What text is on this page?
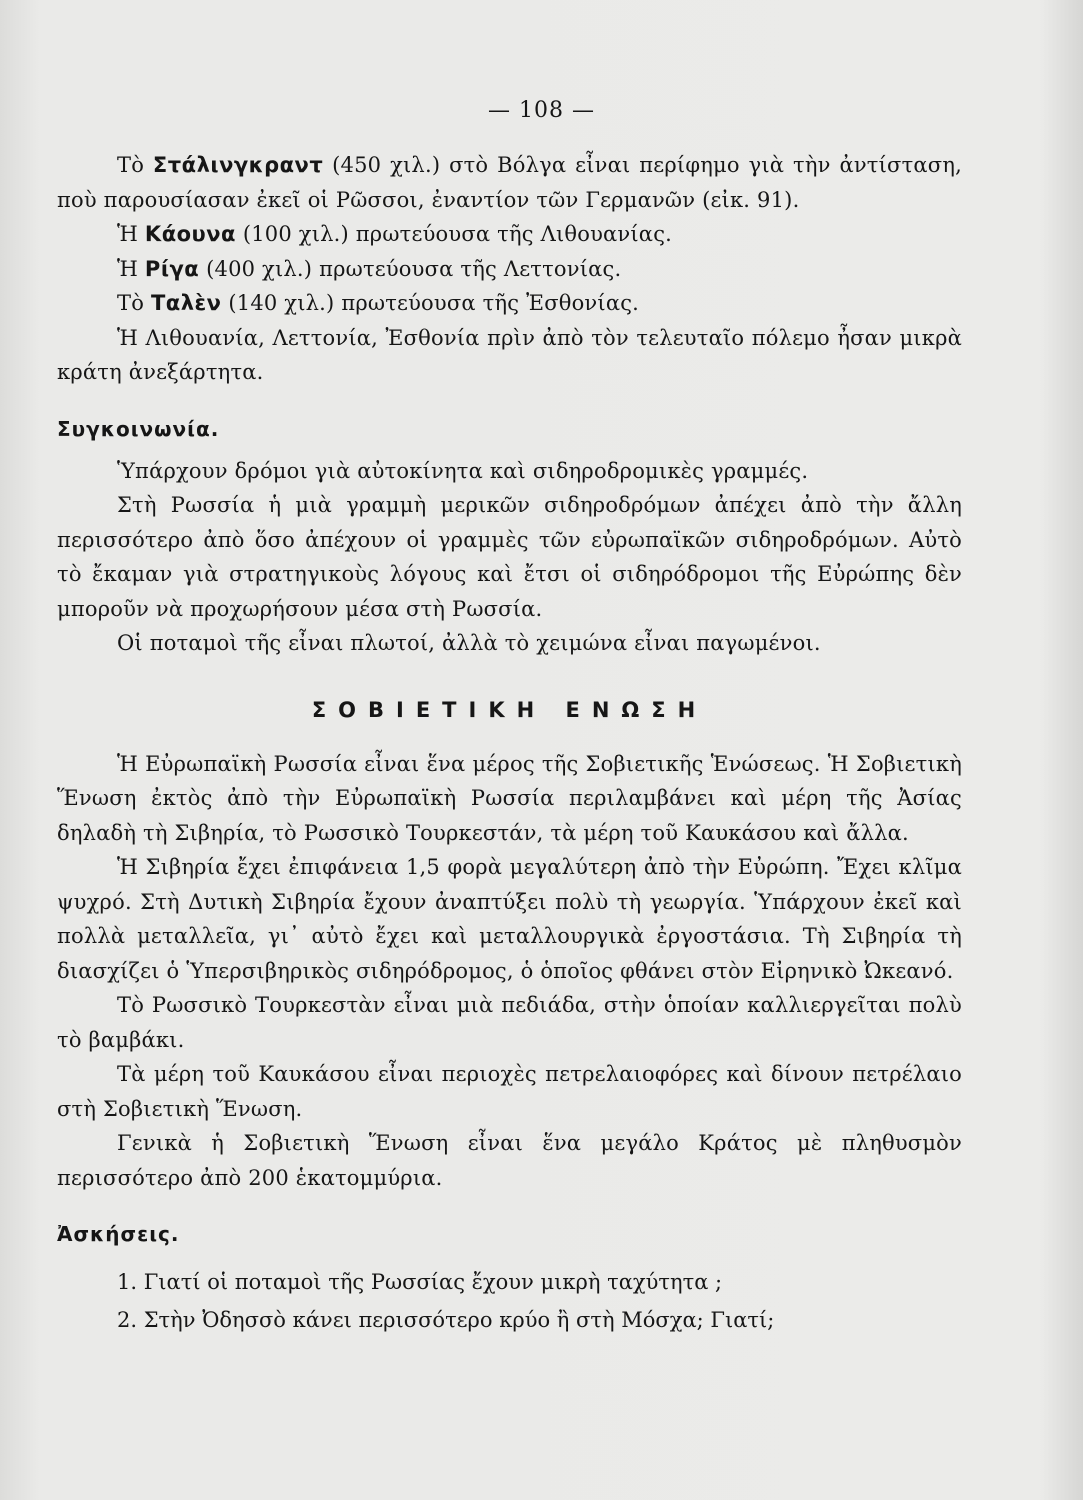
— 108 —

Τὸ Στάλινγκραντ (450 χιλ.) στὸ Βόλγα εἶναι περίφημο γιὰ τὴν ἀντίσταση, ποὺ παρουσίασαν ἐκεῖ οἱ Ρῶσσοι, ἐναντίον τῶν Γερμανῶν (εἰκ. 91).

Ἡ Κάουνα (100 χιλ.) πρωτεύουσα τῆς Λιθουανίας.

Ἡ Ρίγα (400 χιλ.) πρωτεύουσα τῆς Λεττονίας.

Τὸ Ταλὲν (140 χιλ.) πρωτεύουσα τῆς Ἐσθονίας.

Ἡ Λιθουανία, Λεττονία, Ἐσθονία πρὶν ἀπὸ τὸν τελευταῖο πόλεμο ἦσαν μικρὰ κράτη ἀνεξάρτητα.

Συγκοινωνία.

Ὑπάρχουν δρόμοι γιὰ αὐτοκίνητα καὶ σιδηροδρομικὲς γραμμές.

Στὴ Ρωσσία ἡ μιὰ γραμμὴ μερικῶν σιδηροδρόμων ἀπέχει ἀπὸ τὴν ἄλλη περισσότερο ἀπὸ ὅσο ἀπέχουν οἱ γραμμὲς τῶν εὐρωπαϊκῶν σιδηροδρόμων. Αὐτὸ τὸ ἔκαμαν γιὰ στρατηγικοὺς λόγους καὶ ἔτσι οἱ σιδηρόδρομοι τῆς Εὐρώπης δὲν μποροῦν νὰ προχωρήσουν μέσα στὴ Ρωσσία.

Οἱ ποταμοὶ τῆς εἶναι πλωτοί, ἀλλὰ τὸ χειμώνα εἶναι παγωμένοι.

ΣΟΒΙΕΤΙΚΗ ΕΝΩΣΗ

Ἡ Εὐρωπαϊκὴ Ρωσσία εἶναι ἕνα μέρος τῆς Σοβιετικῆς Ἑνώσεως. Ἡ Σοβιετικὴ Ἕνωση ἐκτὸς ἀπὸ τὴν Εὐρωπαϊκὴ Ρωσσία περιλαμβάνει καὶ μέρη τῆς Ἀσίας δηλαδὴ τὴ Σιβηρία, τὸ Ρωσσικὸ Τουρκεστάν, τὰ μέρη τοῦ Καυκάσου καὶ ἄλλα.

Ἡ Σιβηρία ἔχει ἐπιφάνεια 1,5 φορὰ μεγαλύτερη ἀπὸ τὴν Εὐρώπη. Ἔχει κλῖμα ψυχρό. Στὴ Δυτικὴ Σιβηρία ἔχουν ἀναπτύξει πολὺ τὴ γεωργία. Ὑπάρχουν ἐκεῖ καὶ πολλὰ μεταλλεῖα, γι᾿ αὐτὸ ἔχει καὶ μεταλλουργικὰ ἐργοστάσια. Τὴ Σιβηρία τὴ διασχίζει ὁ Ὑπερσιβηρικὸς σιδηρόδρομος, ὁ ὁποῖος φθάνει στὸν Εἰρηνικὸ Ὠκεανό.

Τὸ Ρωσσικὸ Τουρκεστὰν εἶναι μιὰ πεδιάδα, στὴν ὁποίαν καλλιεργεῖται πολὺ τὸ βαμβάκι.

Τὰ μέρη τοῦ Καυκάσου εἶναι περιοχὲς πετρελαιοφόρες καὶ δίνουν πετρέλαιο στὴ Σοβιετικὴ Ἕνωση.

Γενικὰ ἡ Σοβιετικὴ Ἕνωση εἶναι ἕνα μεγάλο Κράτος μὲ πληθυσμὸν περισσότερο ἀπὸ 200 ἑκατομμύρια.

Ἀσκήσεις.
1. Γιατί οἱ ποταμοὶ τῆς Ρωσσίας ἔχουν μικρὴ ταχύτητα ;
2. Στὴν Ὀδησσὸ κάνει περισσότερο κρύο ἢ στὴ Μόσχα; Γιατί;
